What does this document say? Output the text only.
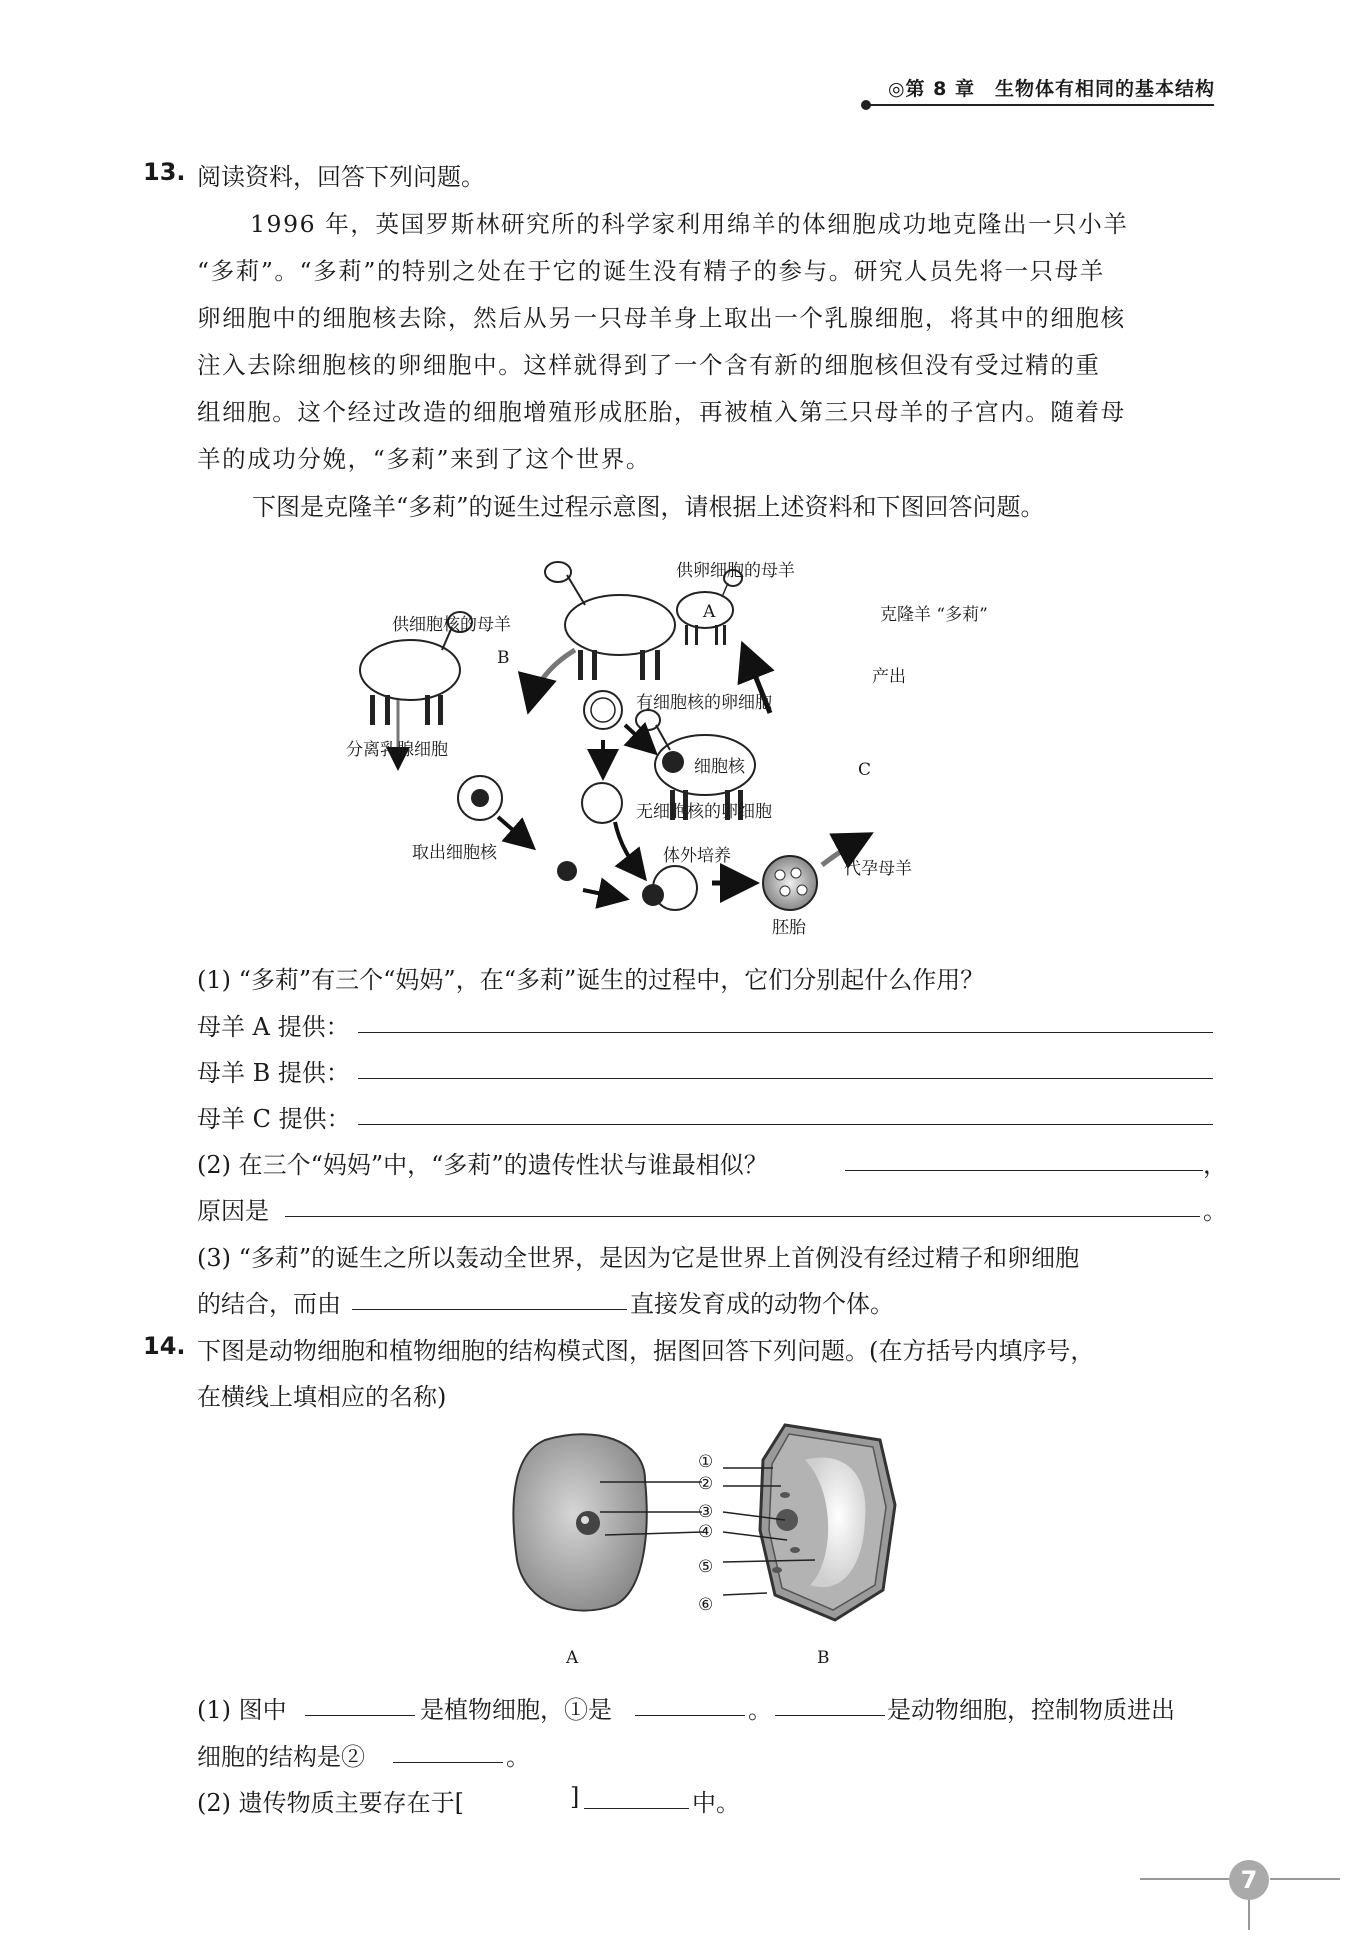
◎第 8 章　生物体有相同的基本结构
13. 阅读资料，回答下列问题。
1996 年，英国罗斯林研究所的科学家利用绵羊的体细胞成功地克隆出一只小羊
“多莉”。“多莉”的特别之处在于它的诞生没有精子的参与。研究人员先将一只母羊
卵细胞中的细胞核去除，然后从另一只母羊身上取出一个乳腺细胞，将其中的细胞核
注入去除细胞核的卵细胞中。这样就得到了一个含有新的细胞核但没有受过精的重
组细胞。这个经过改造的细胞增殖形成胚胎，再被植入第三只母羊的子宫内。随着母
羊的成功分娩，“多莉”来到了这个世界。
下图是克隆羊“多莉”的诞生过程示意图，请根据上述资料和下图回答问题。
供卵细胞的母羊
供细胞核的母羊	克隆羊 “多莉”
A
B
C
产出
有细胞核的卵细胞
分离乳腺细胞
细胞核
无细胞核的卵细胞
取出细胞核	体外培养
代孕母羊
胚胎
(1) “多莉”有三个“妈妈”，在“多莉”诞生的过程中，它们分别起什么作用？
母羊 A 提供：
母羊 B 提供：
母羊 C 提供：
(2) 在三个“妈妈”中，“多莉”的遗传性状与谁最相似？	，
原因是	。
(3) “多莉”的诞生之所以轰动全世界，是因为它是世界上首例没有经过精子和卵细胞
的结合，而由	直接发育成的动物个体。
14. 下图是动物细胞和植物细胞的结构模式图，据图回答下列问题。(在方括号内填序号，
在横线上填相应的名称)
①
②
③
④
⑤
⑥
A	B
(1) 图中	是植物细胞，①是	。	是动物细胞，控制物质进出
细胞的结构是②	。
(2) 遗传物质主要存在于[	]	中。
7
